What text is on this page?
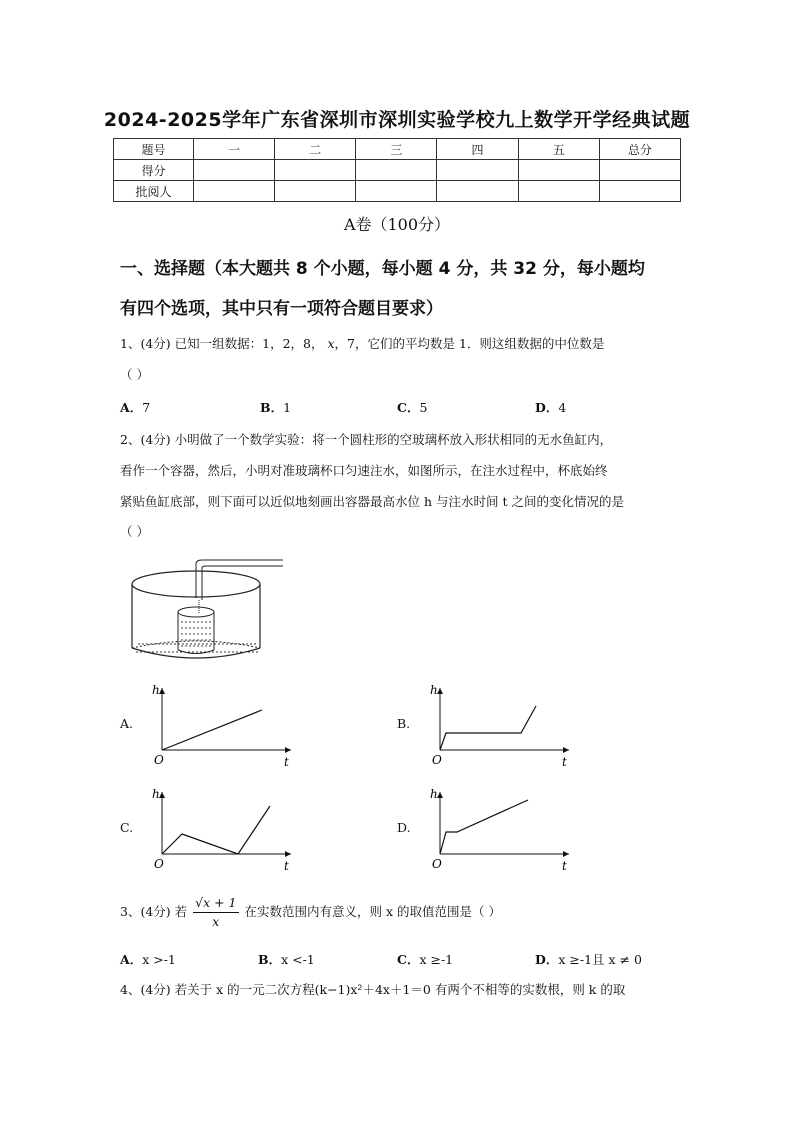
2024-2025学年广东省深圳市深圳实验学校九上数学开学经典试题
题号	一	二	三	四	五	总分
得分						
批阅人						
A卷（100分）
一、选择题（本大题共 8 个小题，每小题 4 分，共 32 分，每小题均
有四个选项，其中只有一项符合题目要求）
1、(4分) 已知一组数据：1，2，8， x，7，它们的平均数是 1．则这组数据的中位数是
（ ）
A．7	B．1	C．5	D．4
2、(4分) 小明做了一个数学实验：将一个圆柱形的空玻璃杯放入形状相同的无水鱼缸内，
看作一个容器，然后，小明对准玻璃杯口匀速注水，如图所示，在注水过程中，杯底始终
紧贴鱼缸底部，则下面可以近似地刻画出容器最高水位 h 与注水时间 t 之间的变化情况的是
（ ）
A.
h
t
O
B.
h
t
O
C.
h
t
O
D.
h
t
O
3、(4分) 若 $\frac{√x + 1}{x}$ 在实数范围内有意义，则 x 的取值范围是（ ）
A．x >-1	B．x <-1	C．x ≥-1	D．x ≥-1且 x ≠ 0
4、(4分) 若关于 x 的一元二次方程(k−1)x²＋4x＋1＝0 有两个不相等的实数根，则 k 的取
